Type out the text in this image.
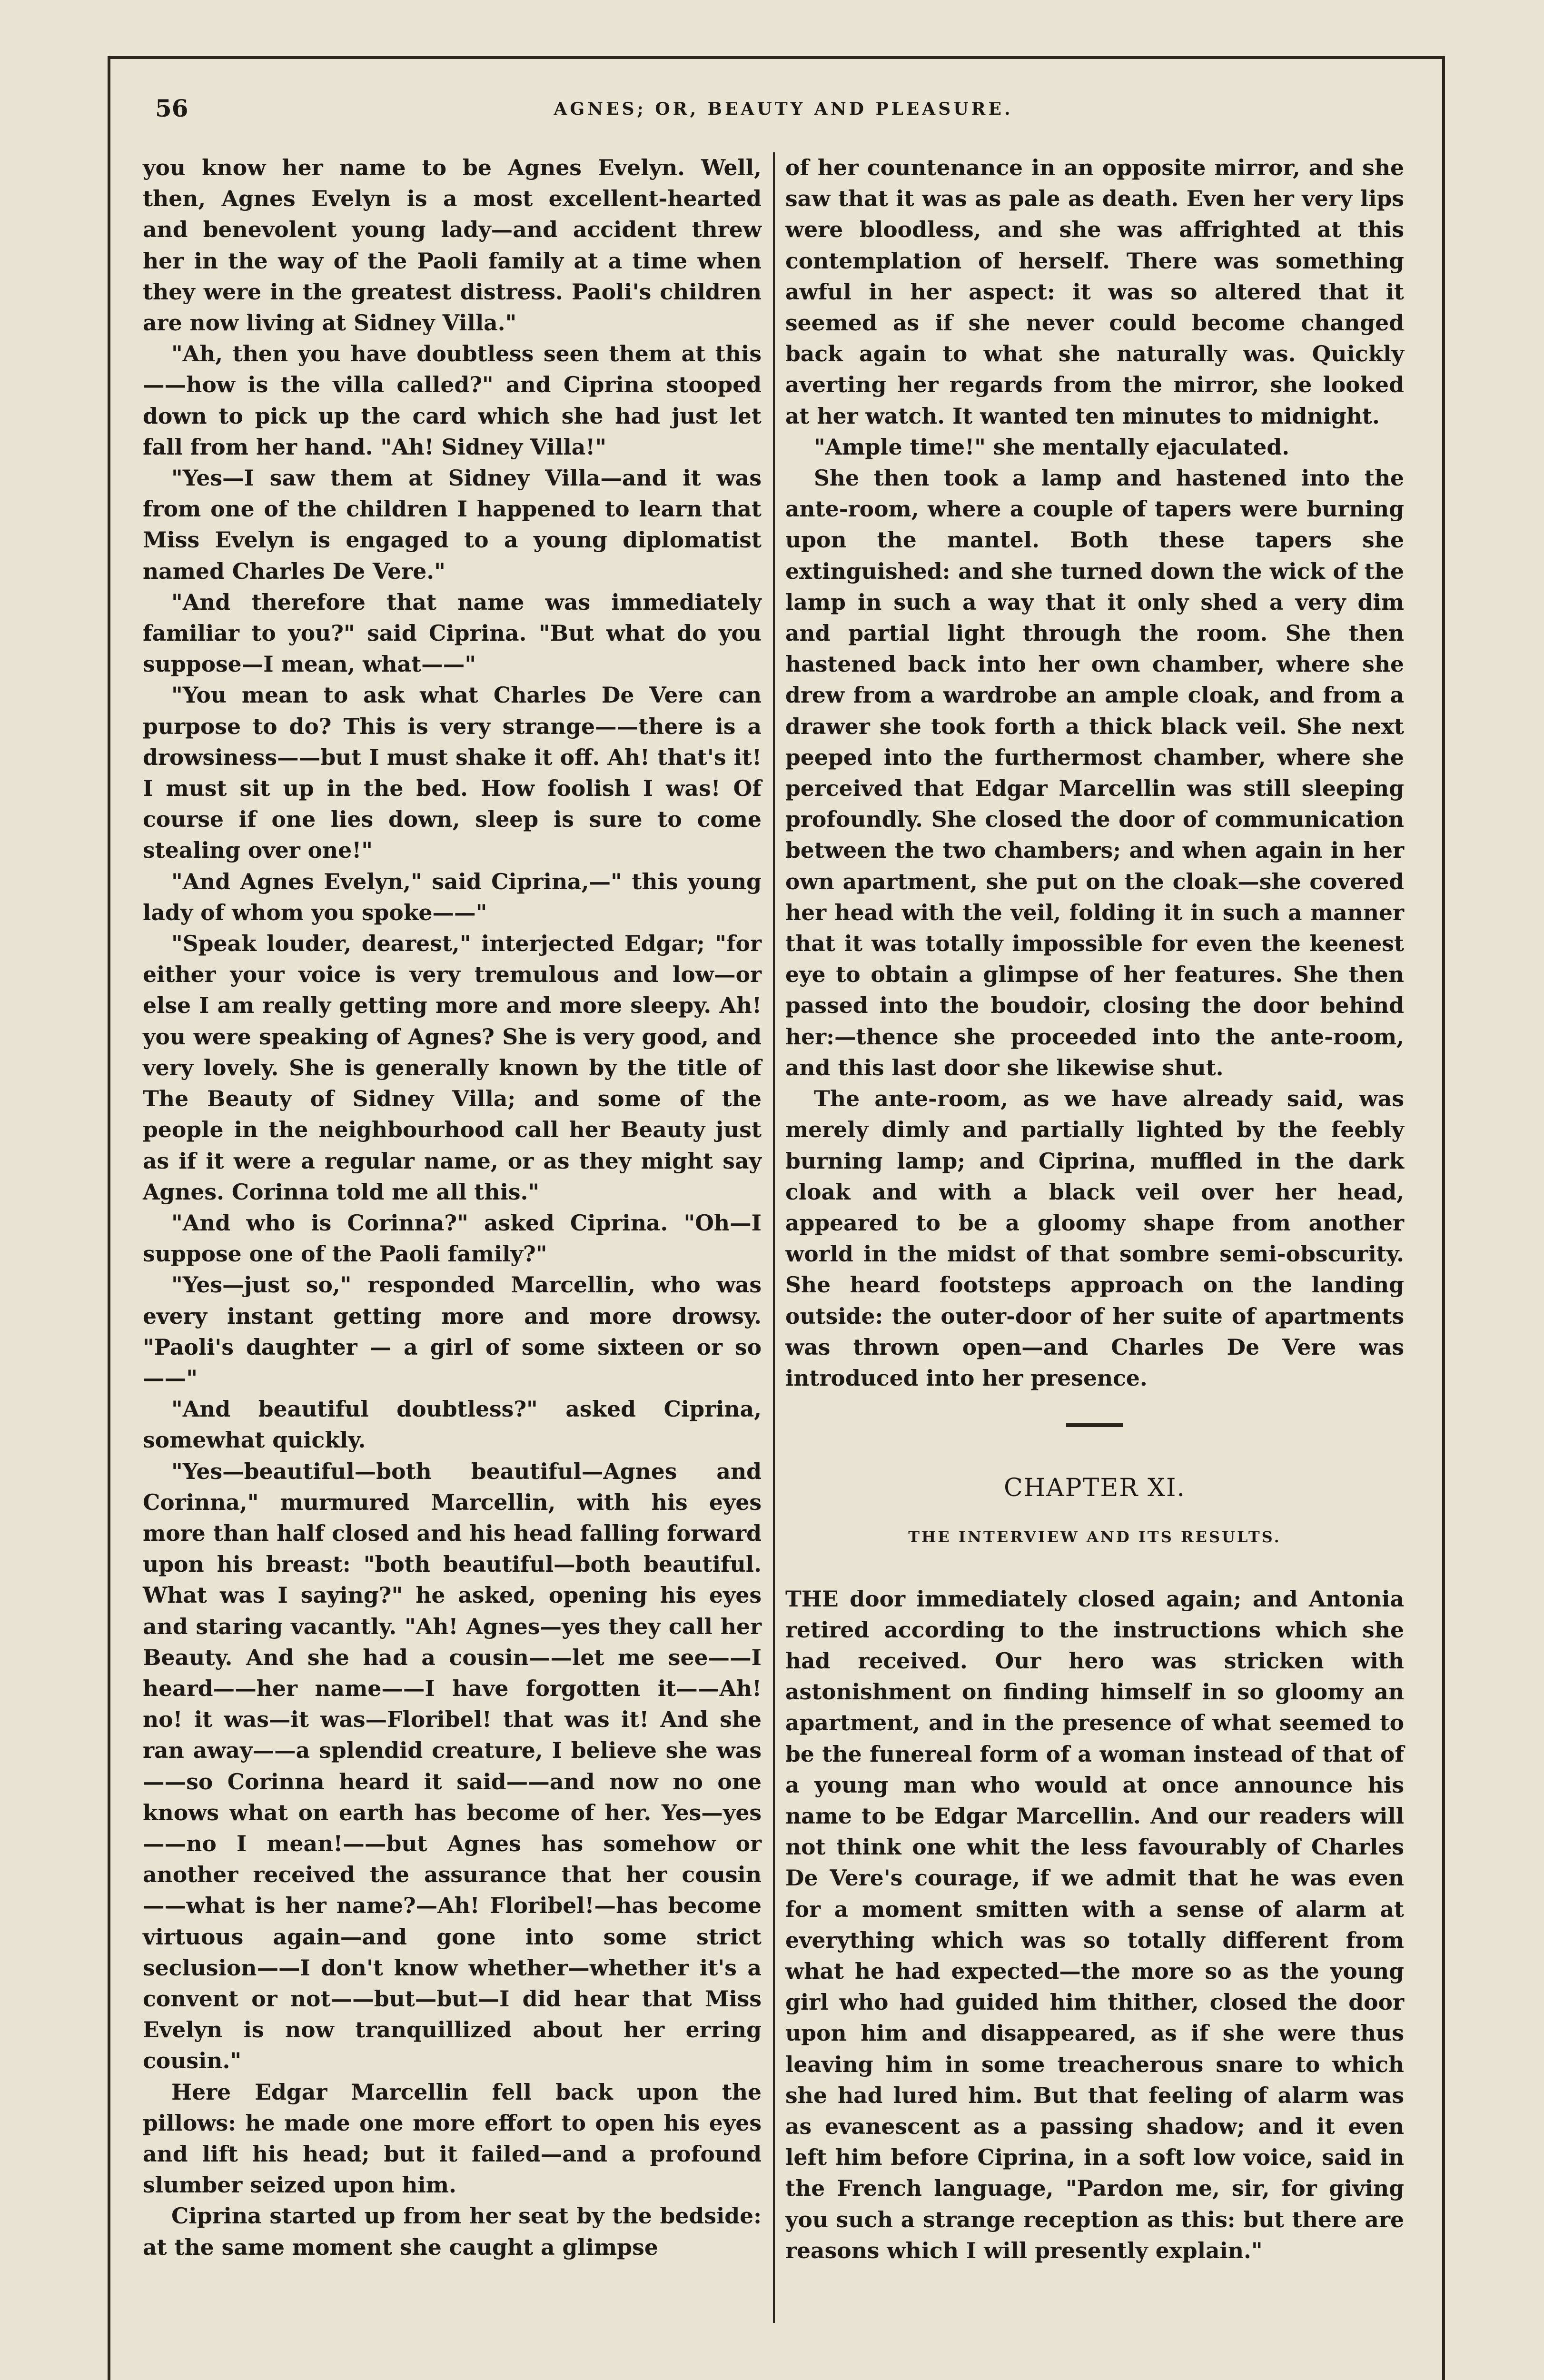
56	AGNES; OR, BEAUTY AND PLEASURE.

you know her name to be Agnes Evelyn. Well, then, Agnes Evelyn is a most excellent-hearted and benevolent young lady—and accident threw her in the way of the Paoli family at a time when they were in the greatest distress. Paoli's children are now living at Sidney Villa."

"Ah, then you have doubtless seen them at this——how is the villa called?" and Ciprina stooped down to pick up the card which she had just let fall from her hand. "Ah! Sidney Villa!"

"Yes—I saw them at Sidney Villa—and it was from one of the children I happened to learn that Miss Evelyn is engaged to a young diplomatist named Charles De Vere."

"And therefore that name was immediately familiar to you?" said Ciprina. "But what do you suppose—I mean, what——"

"You mean to ask what Charles De Vere can purpose to do? This is very strange——there is a drowsiness——but I must shake it off. Ah! that's it! I must sit up in the bed. How foolish I was! Of course if one lies down, sleep is sure to come stealing over one!"

"And Agnes Evelyn," said Ciprina,—" this young lady of whom you spoke——"

"Speak louder, dearest," interjected Edgar; "for either your voice is very tremulous and low—or else I am really getting more and more sleepy. Ah! you were speaking of Agnes? She is very good, and very lovely. She is generally known by the title of The Beauty of Sidney Villa; and some of the people in the neighbourhood call her Beauty just as if it were a regular name, or as they might say Agnes. Corinna told me all this."

"And who is Corinna?" asked Ciprina. "Oh—I suppose one of the Paoli family?"

"Yes—just so," responded Marcellin, who was every instant getting more and more drowsy. "Paoli's daughter — a girl of some sixteen or so——"

"And beautiful doubtless?" asked Ciprina, somewhat quickly.

"Yes—beautiful—both beautiful—Agnes and Corinna," murmured Marcellin, with his eyes more than half closed and his head falling forward upon his breast: "both beautiful—both beautiful. What was I saying?" he asked, opening his eyes and staring vacantly. "Ah! Agnes—yes they call her Beauty. And she had a cousin——let me see——I heard——her name——I have forgotten it——Ah! no! it was—it was—Floribel! that was it! And she ran away——a splendid creature, I believe she was——so Corinna heard it said——and now no one knows what on earth has become of her. Yes—yes——no I mean!——but Agnes has somehow or another received the assurance that her cousin——what is her name?—Ah! Floribel!—has become virtuous again—and gone into some strict seclusion——I don't know whether—whether it's a convent or not——but—but—I did hear that Miss Evelyn is now tranquillized about her erring cousin."

Here Edgar Marcellin fell back upon the pillows: he made one more effort to open his eyes and lift his head; but it failed—and a profound slumber seized upon him.

Ciprina started up from her seat by the bedside: at the same moment she caught a glimpse

of her countenance in an opposite mirror, and she saw that it was as pale as death. Even her very lips were bloodless, and she was affrighted at this contemplation of herself. There was something awful in her aspect: it was so altered that it seemed as if she never could become changed back again to what she naturally was. Quickly averting her regards from the mirror, she looked at her watch. It wanted ten minutes to midnight.

"Ample time!" she mentally ejaculated.

She then took a lamp and hastened into the ante-room, where a couple of tapers were burning upon the mantel. Both these tapers she extinguished: and she turned down the wick of the lamp in such a way that it only shed a very dim and partial light through the room. She then hastened back into her own chamber, where she drew from a wardrobe an ample cloak, and from a drawer she took forth a thick black veil. She next peeped into the furthermost chamber, where she perceived that Edgar Marcellin was still sleeping profoundly. She closed the door of communication between the two chambers; and when again in her own apartment, she put on the cloak—she covered her head with the veil, folding it in such a manner that it was totally impossible for even the keenest eye to obtain a glimpse of her features. She then passed into the boudoir, closing the door behind her:—thence she proceeded into the ante-room, and this last door she likewise shut.

The ante-room, as we have already said, was merely dimly and partially lighted by the feebly burning lamp; and Ciprina, muffled in the dark cloak and with a black veil over her head, appeared to be a gloomy shape from another world in the midst of that sombre semi-obscurity. She heard footsteps approach on the landing outside: the outer-door of her suite of apartments was thrown open—and Charles De Vere was introduced into her presence.

CHAPTER XI.
THE INTERVIEW AND ITS RESULTS.

THE door immediately closed again; and Antonia retired according to the instructions which she had received. Our hero was stricken with astonishment on finding himself in so gloomy an apartment, and in the presence of what seemed to be the funereal form of a woman instead of that of a young man who would at once announce his name to be Edgar Marcellin. And our readers will not think one whit the less favourably of Charles De Vere's courage, if we admit that he was even for a moment smitten with a sense of alarm at everything which was so totally different from what he had expected—the more so as the young girl who had guided him thither, closed the door upon him and disappeared, as if she were thus leaving him in some treacherous snare to which she had lured him. But that feeling of alarm was as evanescent as a passing shadow; and it even left him before Ciprina, in a soft low voice, said in the French language, "Pardon me, sir, for giving you such a strange reception as this: but there are reasons which I will presently explain."
